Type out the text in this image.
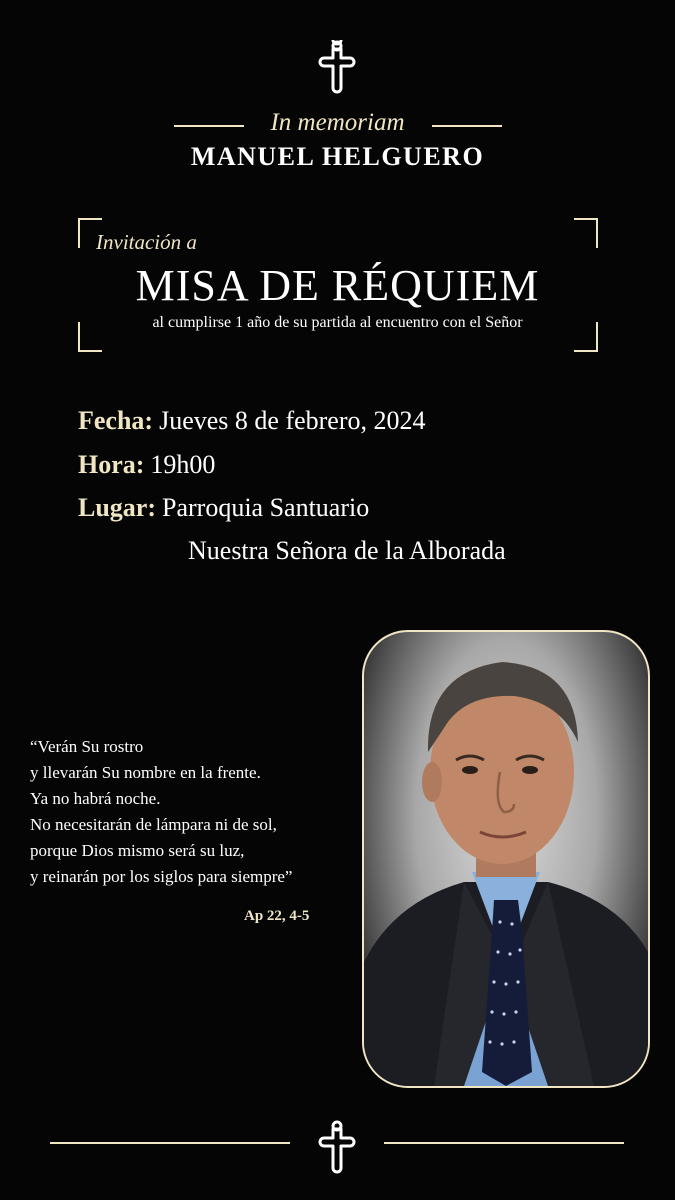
In memoriam
MANUEL HELGUERO
Invitación a
MISA DE RÉQUIEM
al cumplirse 1 año de su partida al encuentro con el Señor
Fecha: Jueves 8 de febrero, 2024
Hora: 19h00
Lugar: Parroquia Santuario
Nuestra Señora de la Alborada
“Verán Su rostro
y llevarán Su nombre en la frente.
Ya no habrá noche.
No necesitarán de lámpara ni de sol,
porque Dios mismo será su luz,
y reinarán por los siglos para siempre”
Ap 22, 4-5
